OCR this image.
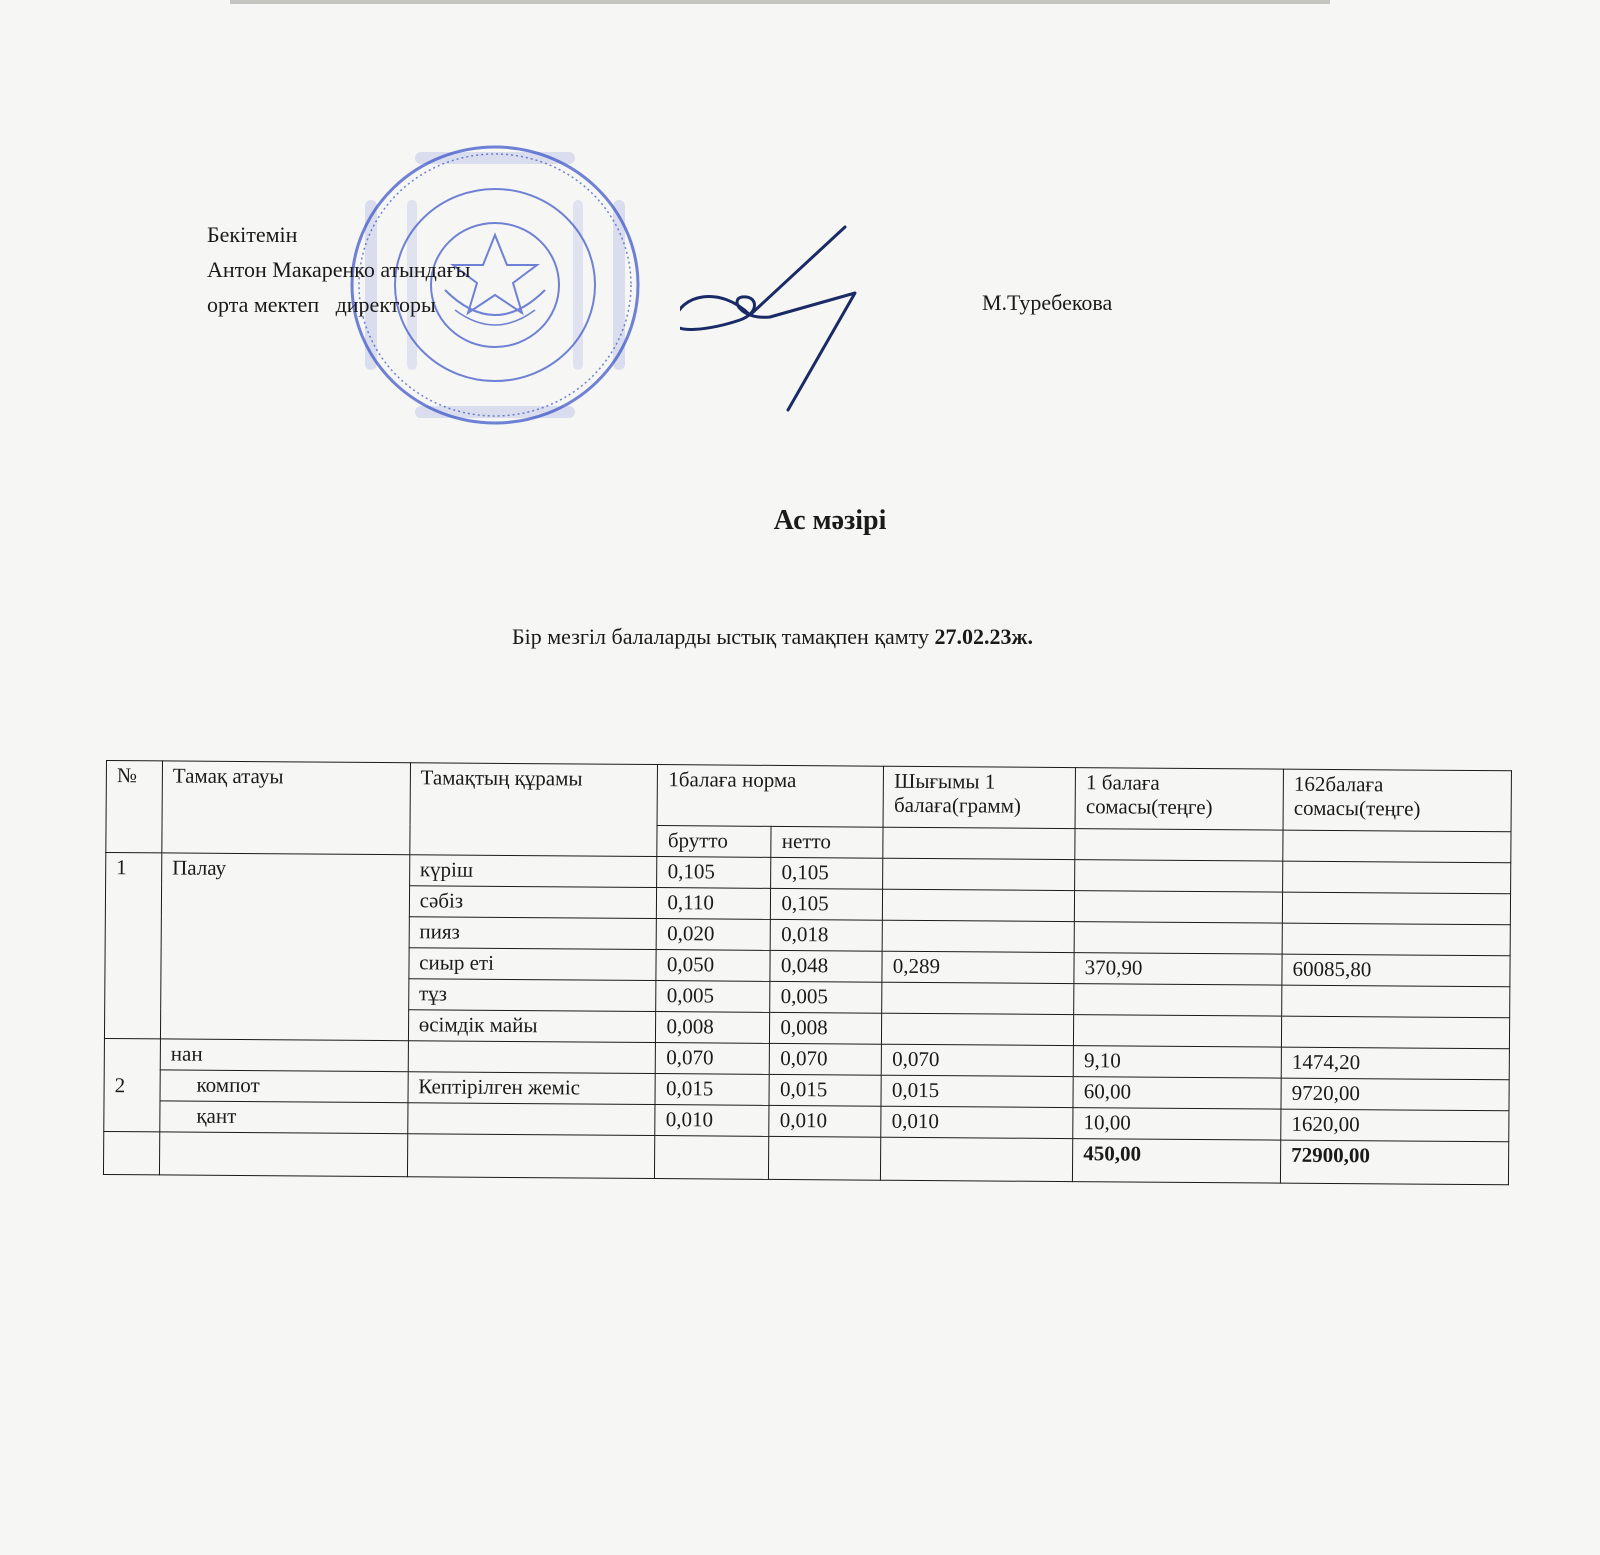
Бекітемін
Антон Макаренко атындағы
орта мектеп   директоры	М.Туребекова
Ас мәзірі
Бір мезгіл балаларды ыстық тамақпен қамту 27.02.23ж.
№	Тамақ атауы	Тамақтың құрамы	1балаға норма		Шығымы 1 балаға(грамм)	1 балаға сомасы(теңге)	162балаға сомасы(теңге)
			брутто	нетто			
1	Палау	күріш	0,105	0,105			
		сәбіз	0,110	0,105			
		пияз	0,020	0,018			
		сиыр еті	0,050	0,048	0,289	370,90	60085,80
		тұз	0,005	0,005			
		өсімдік майы	0,008	0,008			
2	нан		0,070	0,070	0,070	9,10	1474,20
	компот	Кептірілген жеміс	0,015	0,015	0,015	60,00	9720,00
	қант		0,010	0,010	0,010	10,00	1620,00
						450,00	72900,00
